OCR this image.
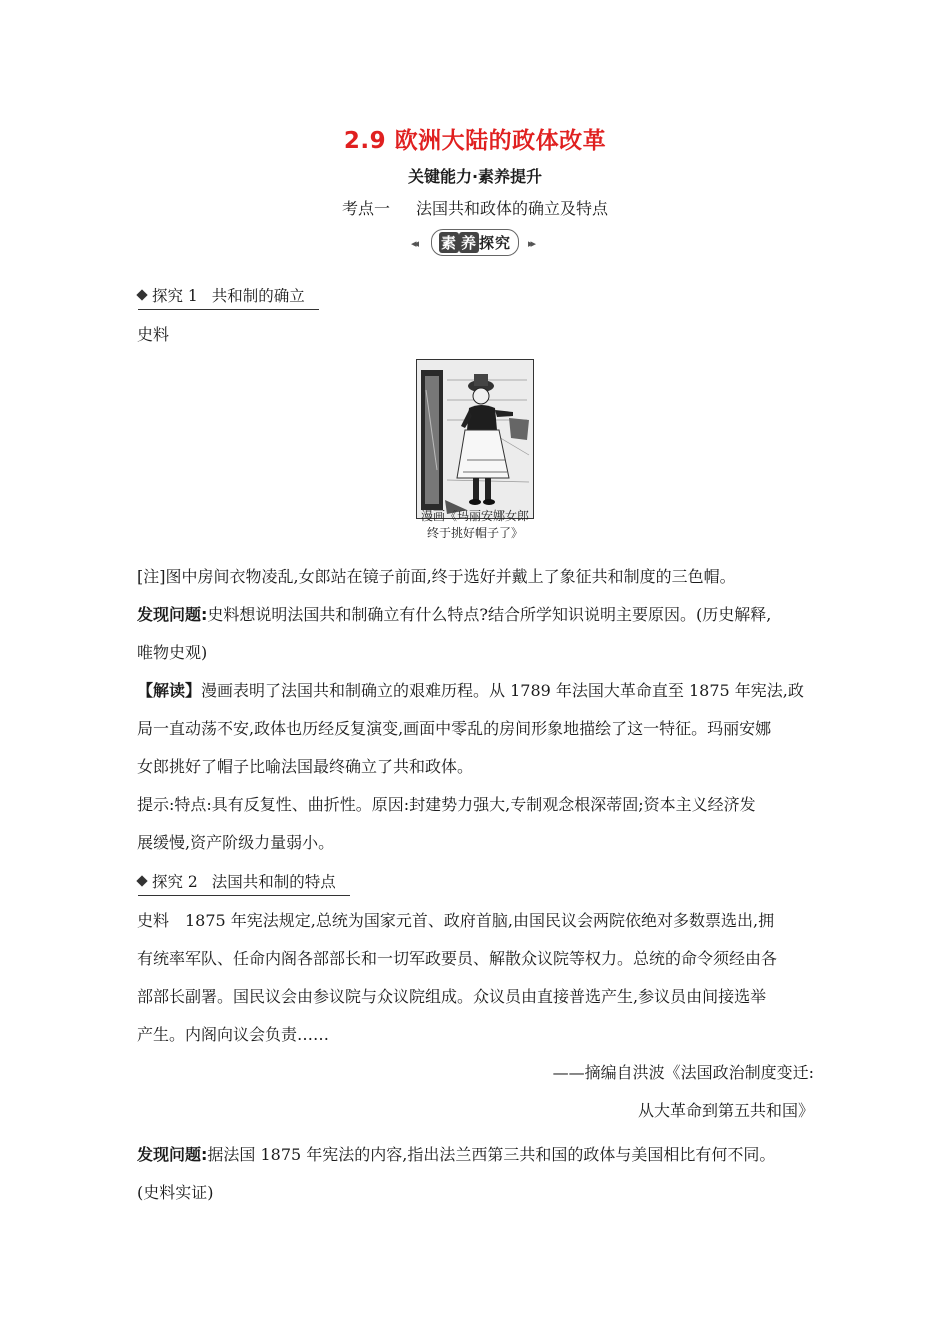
2.9 欧洲大陆的政体改革
关键能力·素养提升
考点一 法国共和政体的确立及特点
◂◂ 素 养 探 究 ▸▸
探究 1 共和制的确立
史料
漫画《玛丽安娜女郎
终于挑好帽子了》
[注]图中房间衣物凌乱,女郎站在镜子前面,终于选好并戴上了象征共和制度的三色帽。
发现问题:史料想说明法国共和制确立有什么特点?结合所学知识说明主要原因。(历史解释,
唯物史观)
【解读】漫画表明了法国共和制确立的艰难历程。从 1789 年法国大革命直至 1875 年宪法,政
局一直动荡不安,政体也历经反复演变,画面中零乱的房间形象地描绘了这一特征。玛丽安娜
女郎挑好了帽子比喻法国最终确立了共和政体。
提示:特点:具有反复性、曲折性。原因:封建势力强大,专制观念根深蒂固;资本主义经济发
展缓慢,资产阶级力量弱小。
探究 2 法国共和制的特点
史料　1875 年宪法规定,总统为国家元首、政府首脑,由国民议会两院依绝对多数票选出,拥
有统率军队、任命内阁各部部长和一切军政要员、解散众议院等权力。总统的命令须经由各
部部长副署。国民议会由参议院与众议院组成。众议员由直接普选产生,参议员由间接选举
产生。内阁向议会负责……
——摘编自洪波《法国政治制度变迁:
从大革命到第五共和国》
发现问题:据法国 1875 年宪法的内容,指出法兰西第三共和国的政体与美国相比有何不同。
(史料实证)
